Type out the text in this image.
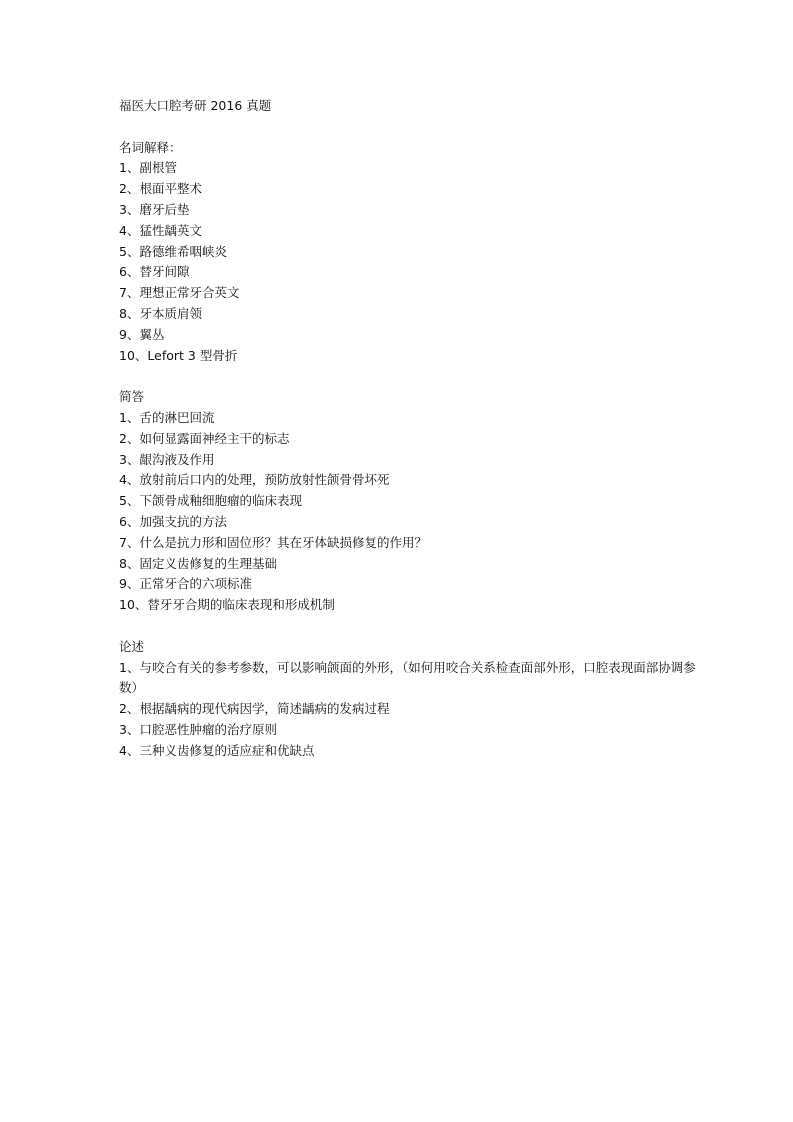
福医大口腔考研 2016 真题

名词解释：

1、副根管

2、根面平整术

3、磨牙后垫

4、猛性龋英文

5、路德维希咽峡炎

6、替牙间隙

7、理想正常牙合英文

8、牙本质肩领

9、翼丛

10、Lefort 3 型骨折

简答

1、舌的淋巴回流

2、如何显露面神经主干的标志

3、龈沟液及作用

4、放射前后口内的处理，预防放射性颌骨骨坏死

5、下颌骨成釉细胞瘤的临床表现

6、加强支抗的方法

7、什么是抗力形和固位形？其在牙体缺损修复的作用？

8、固定义齿修复的生理基础

9、正常牙合的六项标准

10、替牙牙合期的临床表现和形成机制

论述

1、与咬合有关的参考参数，可以影响颌面的外形，（如何用咬合关系检查面部外形，口腔表现面部协调参数）

2、根据龋病的现代病因学，简述龋病的发病过程

3、口腔恶性肿瘤的治疗原则

4、三种义齿修复的适应症和优缺点
